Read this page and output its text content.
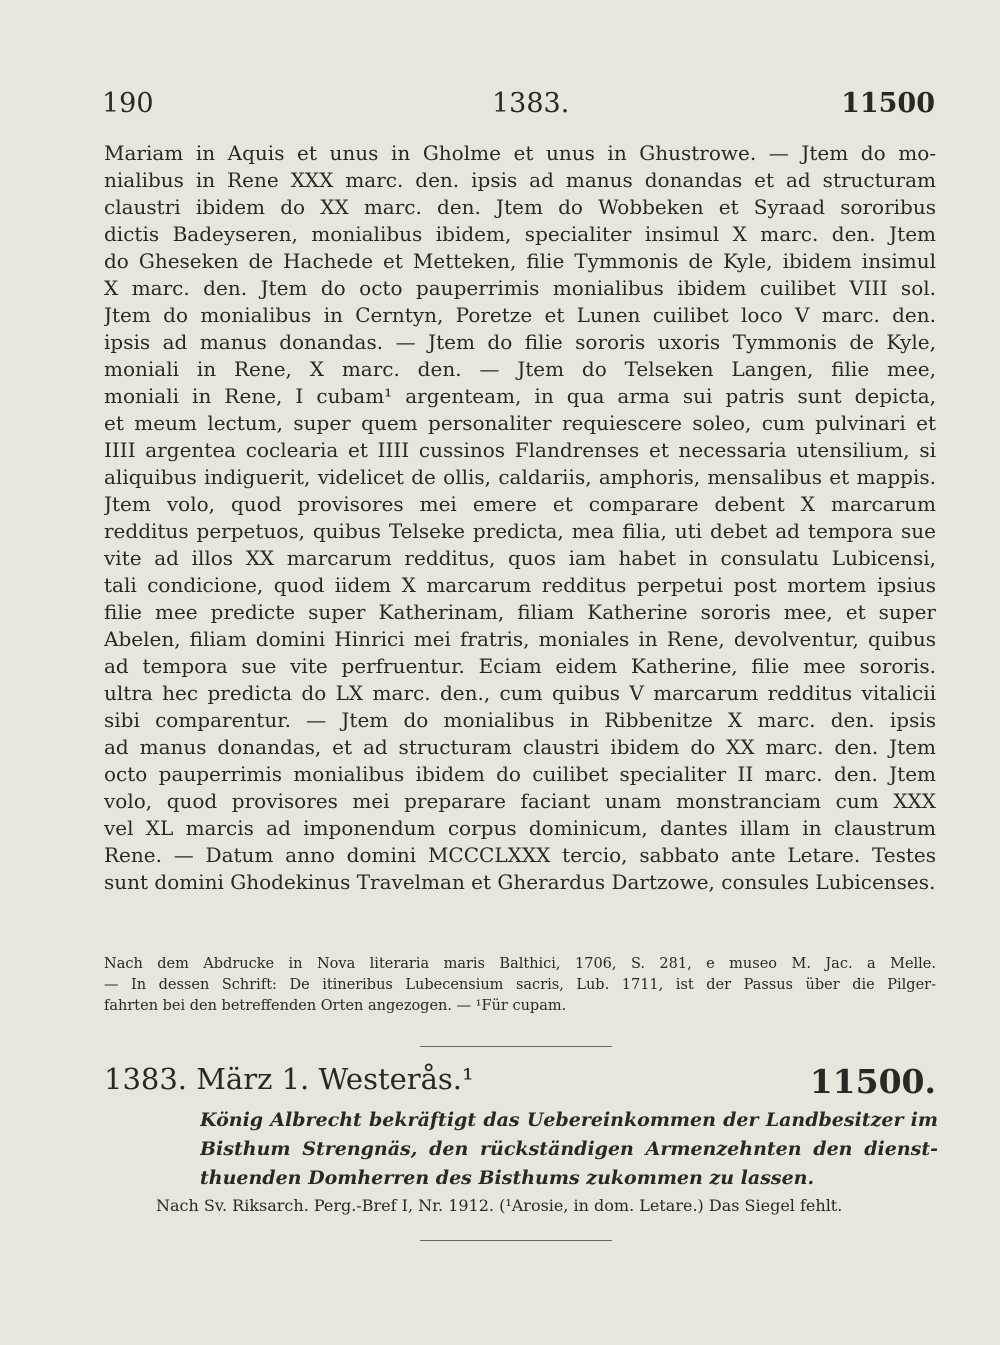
190	1383.	11500
Mariam in Aquis et unus in Gholme et unus in Ghustrowe. — Jtem do mo-
nialibus in Rene XXX marc. den. ipsis ad manus donandas et ad structuram
claustri ibidem do XX marc. den. Jtem do Wobbeken et Syraad sororibus
dictis Badeyseren, monialibus ibidem, specialiter insimul X marc. den. Jtem
do Gheseken de Hachede et Metteken, filie Tymmonis de Kyle, ibidem insimul
X marc. den. Jtem do octo pauperrimis monialibus ibidem cuilibet VIII sol.
Jtem do monialibus in Cerntyn, Poretze et Lunen cuilibet loco V marc. den.
ipsis ad manus donandas. — Jtem do filie sororis uxoris Tymmonis de Kyle,
moniali in Rene, X marc. den. — Jtem do Telseken Langen, filie mee,
moniali in Rene, I cubam¹ argenteam, in qua arma sui patris sunt depicta,
et meum lectum, super quem personaliter requiescere soleo, cum pulvinari et
IIII argentea coclearia et IIII cussinos Flandrenses et necessaria utensilium, si
aliquibus indiguerit, videlicet de ollis, caldariis, amphoris, mensalibus et mappis.
Jtem volo, quod provisores mei emere et comparare debent X marcarum
redditus perpetuos, quibus Telseke predicta, mea filia, uti debet ad tempora sue
vite ad illos XX marcarum redditus, quos iam habet in consulatu Lubicensi,
tali condicione, quod iidem X marcarum redditus perpetui post mortem ipsius
filie mee predicte super Katherinam, filiam Katherine sororis mee, et super
Abelen, filiam domini Hinrici mei fratris, moniales in Rene, devolventur, quibus
ad tempora sue vite perfruentur. Eciam eidem Katherine, filie mee sororis.
ultra hec predicta do LX marc. den., cum quibus V marcarum redditus vitalicii
sibi comparentur. — Jtem do monialibus in Ribbenitze X marc. den. ipsis
ad manus donandas, et ad structuram claustri ibidem do XX marc. den. Jtem
octo pauperrimis monialibus ibidem do cuilibet specialiter II marc. den. Jtem
volo, quod provisores mei preparare faciant unam monstranciam cum XXX
vel XL marcis ad imponendum corpus dominicum, dantes illam in claustrum
Rene. — Datum anno domini MCCCLXXX tercio, sabbato ante Letare. Testes
sunt domini Ghodekinus Travelman et Gherardus Dartzowe, consules Lubicenses.
Nach dem Abdrucke in Nova literaria maris Balthici, 1706, S. 281, e museo M. Jac. a Melle.
— In dessen Schrift: De itineribus Lubecensium sacris, Lub. 1711, ist der Passus über die Pilger-
fahrten bei den betreffenden Orten angezogen. — ¹Für cupam.
1383. März 1. Westerås.¹	11500.
König Albrecht bekräftigt das Uebereinkommen der Landbesitzer im
Bisthum Strengnäs, den rückständigen Armenzehnten den dienst-
thuenden Domherren des Bisthums zukommen zu lassen.
Nach Sv. Riksarch. Perg.-Bref I, Nr. 1912. (¹Arosie, in dom. Letare.) Das Siegel fehlt.
